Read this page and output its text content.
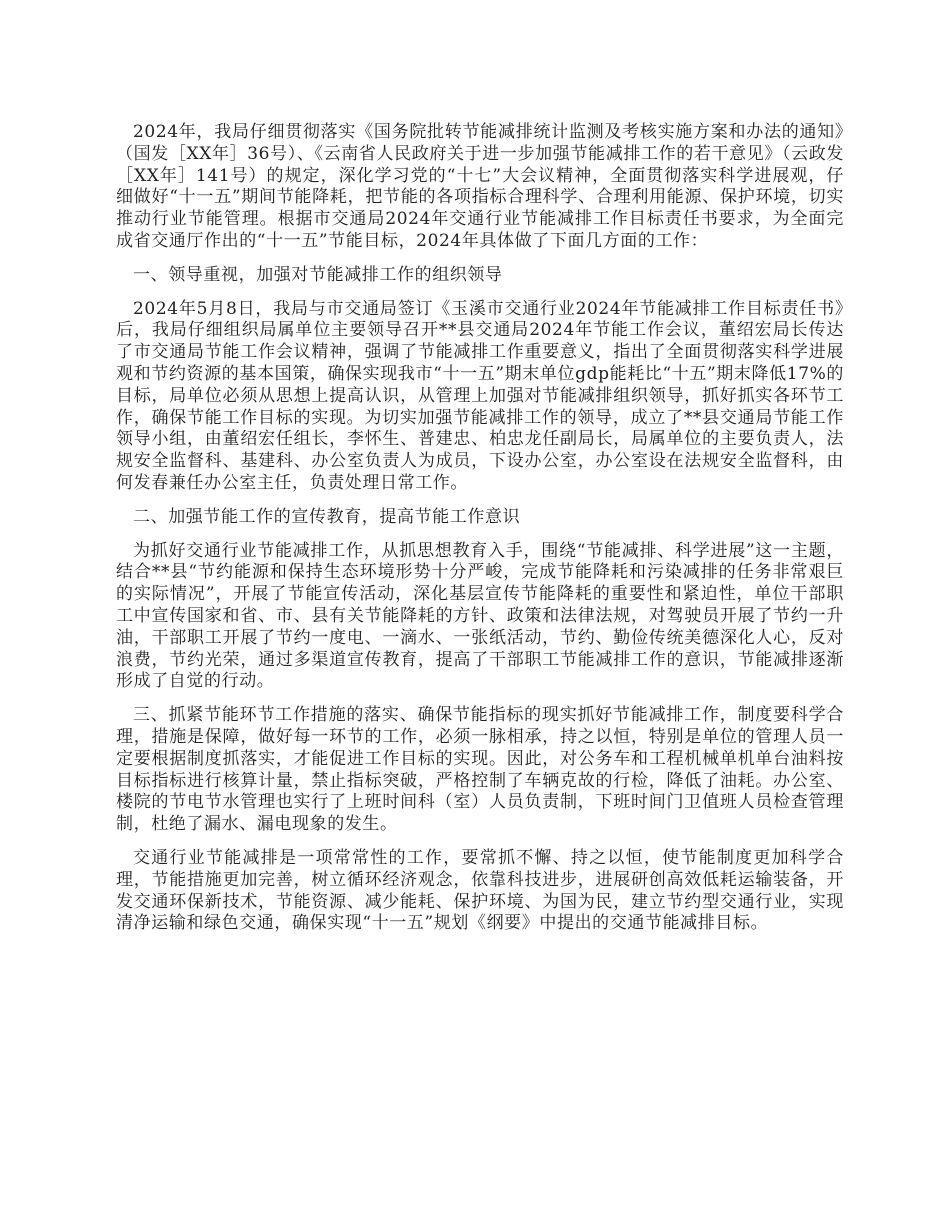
2024年，我局仔细贯彻落实《国务院批转节能减排统计监测及考核实施方案和办法的通知》（国发［XX年］36号）、《云南省人民政府关于进一步加强节能减排工作的若干意见》（云政发［XX年］141号）的规定，深化学习党的“十七”大会议精神，全面贯彻落实科学进展观，仔细做好“十一五”期间节能降耗，把节能的各项指标合理科学、合理利用能源、保护环境，切实推动行业节能管理。根据市交通局2024年交通行业节能减排工作目标责任书要求，为全面完成省交通厅作出的“十一五”节能目标，2024年具体做了下面几方面的工作：

一、领导重视，加强对节能减排工作的组织领导

2024年5月8日，我局与市交通局签订《玉溪市交通行业2024年节能减排工作目标责任书》后，我局仔细组织局属单位主要领导召开**县交通局2024年节能工作会议，董绍宏局长传达了市交通局节能工作会议精神，强调了节能减排工作重要意义，指出了全面贯彻落实科学进展观和节约资源的基本国策，确保实现我市“十一五”期末单位gdp能耗比“十五”期末降低17%的目标，局单位必须从思想上提高认识，从管理上加强对节能减排组织领导，抓好抓实各环节工作，确保节能工作目标的实现。为切实加强节能减排工作的领导，成立了**县交通局节能工作领导小组，由董绍宏任组长，李怀生、普建忠、柏忠龙任副局长，局属单位的主要负责人，法规安全监督科、基建科、办公室负责人为成员，下设办公室，办公室设在法规安全监督科，由何发春兼任办公室主任，负责处理日常工作。

二、加强节能工作的宣传教育，提高节能工作意识

为抓好交通行业节能减排工作，从抓思想教育入手，围绕“节能减排、科学进展”这一主题，结合**县“节约能源和保持生态环境形势十分严峻，完成节能降耗和污染减排的任务非常艰巨的实际情况”，开展了节能宣传活动，深化基层宣传节能降耗的重要性和紧迫性，单位干部职工中宣传国家和省、市、县有关节能降耗的方针、政策和法律法规，对驾驶员开展了节约一升油，干部职工开展了节约一度电、一滴水、一张纸活动，节约、勤俭传统美德深化人心，反对浪费，节约光荣，通过多渠道宣传教育，提高了干部职工节能减排工作的意识，节能减排逐渐形成了自觉的行动。

三、抓紧节能环节工作措施的落实、确保节能指标的现实抓好节能减排工作，制度要科学合理，措施是保障，做好每一环节的工作，必须一脉相承，持之以恒，特别是单位的管理人员一定要根据制度抓落实，才能促进工作目标的实现。因此，对公务车和工程机械单机单台油料按目标指标进行核算计量，禁止指标突破，严格控制了车辆克故的行检，降低了油耗。办公室、楼院的节电节水管理也实行了上班时间科（室）人员负责制，下班时间门卫值班人员检查管理制，杜绝了漏水、漏电现象的发生。

交通行业节能减排是一项常常性的工作，要常抓不懈、持之以恒，使节能制度更加科学合理，节能措施更加完善，树立循环经济观念，依靠科技进步，进展研创高效低耗运输装备，开发交通环保新技术，节能资源、减少能耗、保护环境、为国为民，建立节约型交通行业，实现清净运输和绿色交通，确保实现“十一五”规划《纲要》中提出的交通节能减排目标。
